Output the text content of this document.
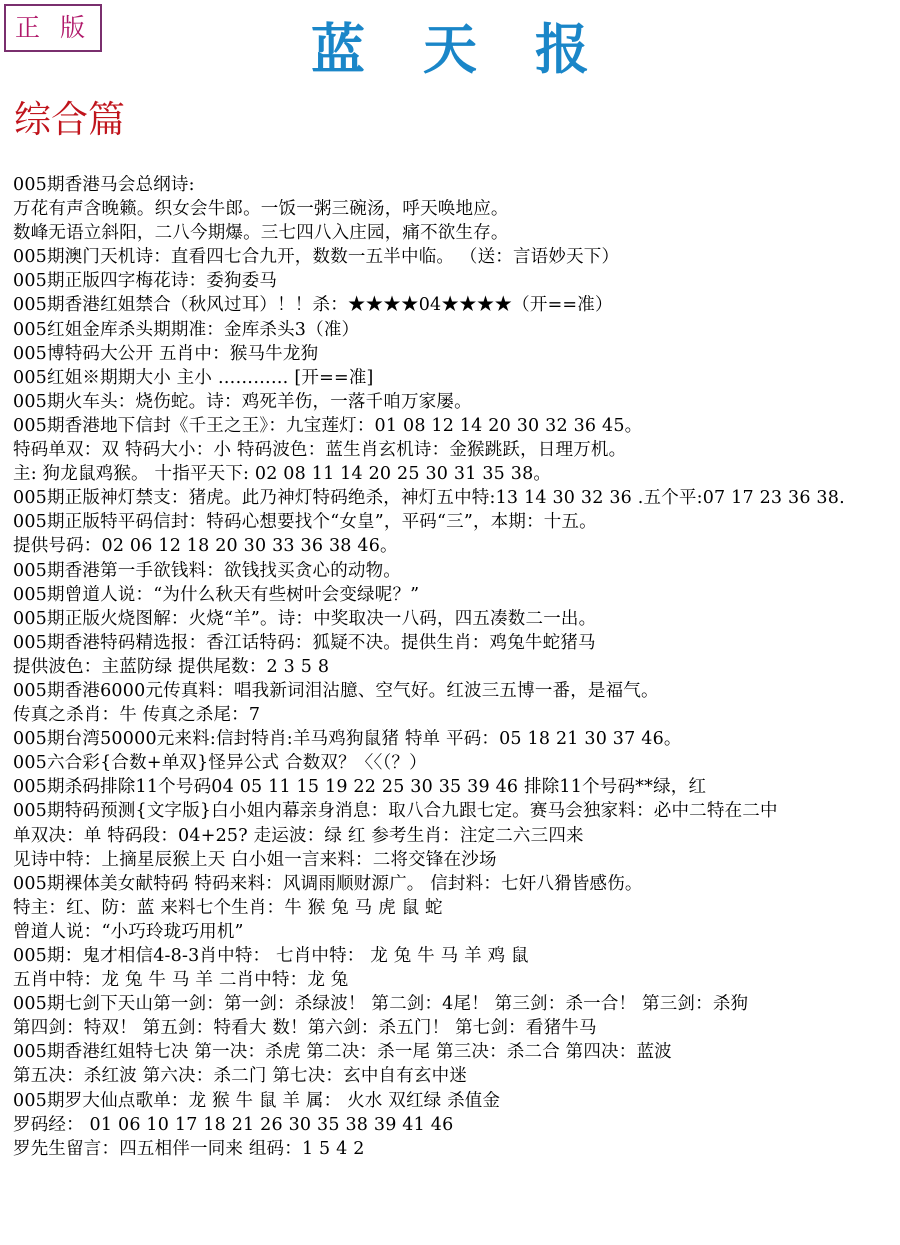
正 版	蓝天报
综合篇
005期香港马会总纲诗:
万花有声含晚籁。织女会牛郎。一饭一粥三碗汤，呼天唤地应。
数峰无语立斜阳，二八今期爆。三七四八入庄园，痛不欲生存。
005期澳门天机诗：直看四七合九开，数数一五半中临。 （送：言语妙天下）
005期正版四字梅花诗：委狗委马
005期香港红姐禁合（秋风过耳）！！杀：★★★★04★★★★（开==准）
005红姐金库杀头期期准：金库杀头3（准）
005博特码大公开 五肖中：猴马牛龙狗
005红姐※期期大小 主小 ………… [开==准]
005期火车头：烧伤蛇。诗：鸡死羊伤，一落千咱万家屡。
005期香港地下信封《千王之王》：九宝莲灯：01 08 12 14 20 30 32 36 45。
特码单双：双 特码大小：小 特码波色：蓝生肖玄机诗：金猴跳跃，日理万机。
主: 狗龙鼠鸡猴。 十指平天下: 02 08 11 14 20 25 30 31 35 38。
005期正版神灯禁支：猪虎。此乃神灯特码绝杀，神灯五中特:13 14 30 32 36 .五个平:07 17 23 36 38.
005期正版特平码信封：特码心想要找个“女皇”，平码“三”，本期：十五。
提供号码：02 06 12 18 20 30 33 36 38 46。
005期香港第一手欲钱料：欲钱找买贪心的动物。
005期曾道人说：“为什么秋天有些树叶会变绿呢？”
005期正版火烧图解：火烧“羊”。诗：中奖取决一八码，四五凑数二一出。
005期香港特码精选报：香江话特码：狐疑不决。提供生肖：鸡兔牛蛇猪马
提供波色：主蓝防绿 提供尾数：2 3 5 8
005期香港6000元传真料：唱我新词泪沾臆、空气好。红波三五博一番，是福气。
传真之杀肖：牛 传真之杀尾：7
005期台湾50000元来料:信封特肖:羊马鸡狗鼠猪 特单 平码：05 18 21 30 37 46。
005六合彩{合数+单双}怪异公式 合数双？〈〈（？）
005期杀码排除11个号码04 05 11 15 19 22 25 30 35 39 46 排除11个号码**绿，红
005期特码预测{文字版}白小姐内幕亲身消息：取八合九跟七定。赛马会独家料：必中二特在二中
单双决：单 特码段：04+25? 走运波：绿 红 参考生肖：注定二六三四来
见诗中特：上摘星辰猴上天 白小姐一言来料：二将交锋在沙场
005期裸体美女献特码 特码来料：风调雨顺财源广。 信封料：七奸八猾皆感伤。
特主：红、防：蓝 来料七个生肖：牛 猴 兔 马 虎 鼠 蛇
曾道人说：“小巧玲珑巧用机”
005期：鬼才相信4-8-3肖中特： 七肖中特： 龙 兔 牛 马 羊 鸡 鼠
五肖中特：龙 兔 牛 马 羊 二肖中特：龙 兔
005期七剑下天山第一剑：第一剑：杀绿波！ 第二剑：4尾！ 第三剑：杀一合！ 第三剑：杀狗
第四剑：特双！ 第五剑：特看大 数！第六剑：杀五门！ 第七剑：看猪牛马
005期香港红姐特七决 第一决：杀虎 第二决：杀一尾 第三决：杀二合 第四决：蓝波
第五决：杀红波 第六决：杀二门 第七决：玄中自有玄中迷
005期罗大仙点歌单：龙 猴 牛 鼠 羊 属： 火水 双红绿 杀值金
罗码经： 01 06 10 17 18 21 26 30 35 38 39 41 46
罗先生留言：四五相伴一同来 组码：1 5 4 2
